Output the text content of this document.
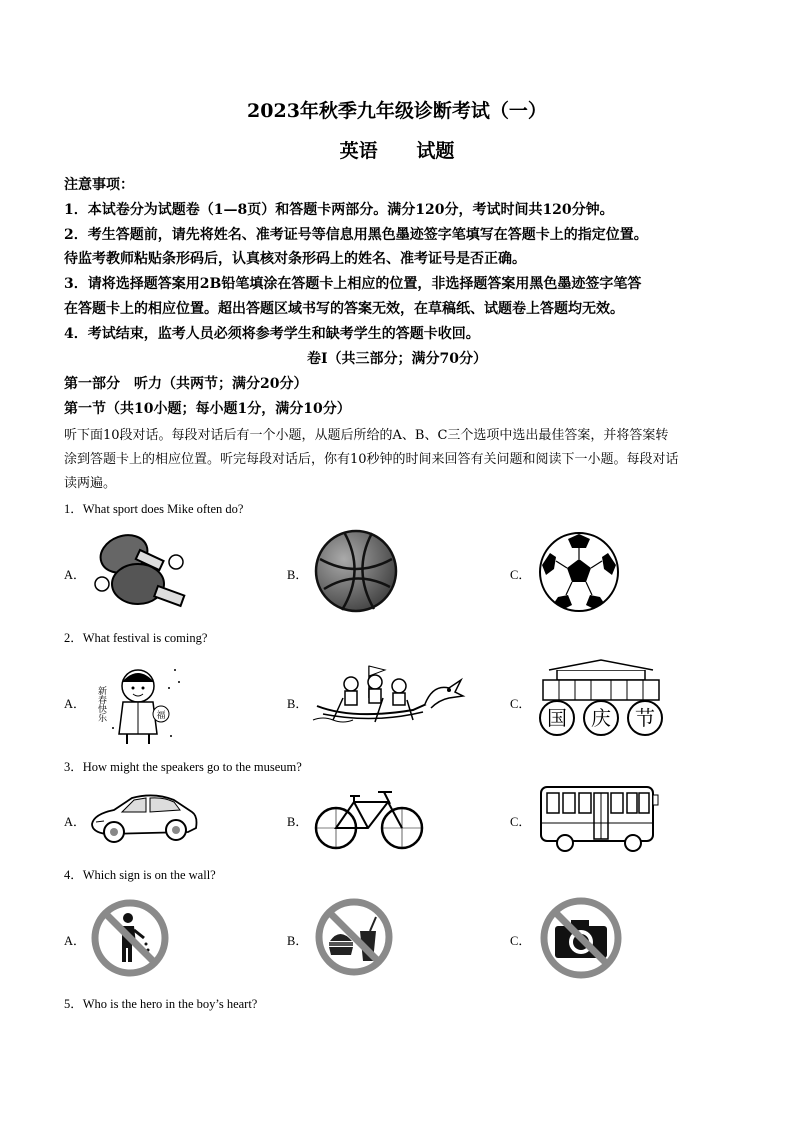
2023年秋季九年级诊断考试（一）
英语 试题
注意事项：
1．本试卷分为试题卷（1—8页）和答题卡两部分。满分120分，考试时间共120分钟。
2．考生答题前，请先将姓名、准考证号等信息用黑色墨迹签字笔填写在答题卡上的指定位置。
待监考教师粘贴条形码后，认真核对条形码上的姓名、准考证号是否正确。
3．请将选择题答案用2B铅笔填涂在答题卡上相应的位置，非选择题答案用黑色墨迹签字笔答
在答题卡上的相应位置。超出答题区域书写的答案无效，在草稿纸、试题卷上答题均无效。
4．考试结束，监考人员必须将参考学生和缺考学生的答题卡收回。
卷Ⅰ（共三部分；满分70分）
第一部分　听力（共两节；满分20分）
第一节（共10小题；每小题1分，满分10分）
听下面10段对话。每段对话后有一个小题，从题后所给的A、B、C三个选项中选出最佳答案，并将答案转
涂到答题卡上的相应位置。听完每段对话后，你有10秒钟的时间来回答有关问题和阅读下一小题。每段对话
读两遍。
1．What sport does Mike often do?
A．	B．	C．
2．What festival is coming?
A．	B．	C．
福
新春快乐	国 庆 节
3．How might the speakers go to the museum?
A．	B．	C．
4．Which sign is on the wall?
A．	B．	C．
5．Who is the hero in the boy’s heart?
